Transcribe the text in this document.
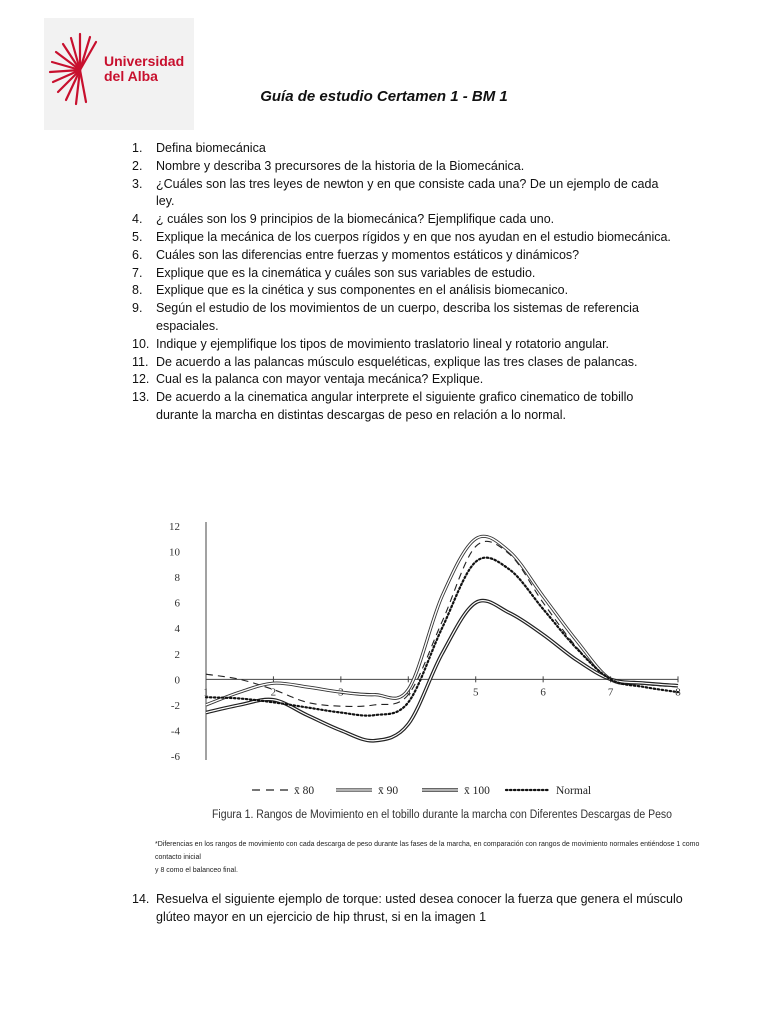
Universidad
del Alba
Guía de estudio Certamen 1 - BM 1
1. Defina biomecánica
2. Nombre y describa 3 precursores de la historia de la Biomecánica.
3. ¿Cuáles son las tres leyes de newton y en que consiste cada una? De un ejemplo de cada ley.
4. ¿ cuáles son los 9 principios de la biomecánica? Ejemplifique cada uno.
5. Explique la mecánica de los cuerpos rígidos y en que nos ayudan en el estudio biomecánica.
6. Cuáles son las diferencias entre fuerzas y momentos estáticos y dinámicos?
7. Explique que es la cinemática y cuáles son sus variables de estudio.
8. Explique que es la cinética y sus componentes en el análisis biomecanico.
9. Según el estudio de los movimientos de un cuerpo, describa los sistemas de referencia espaciales.
10. Indique y ejemplifique los tipos de movimiento traslatorio lineal y rotatorio angular.
11. De acuerdo a las palancas músculo esqueléticas, explique las tres clases de palancas.
12. Cual es la palanca con mayor ventaja mecánica? Explique.
13. De acuerdo a la cinematica angular interprete el siguiente grafico cinematico de tobillo durante la marcha en distintas descargas de peso en relación a lo normal.
12
10
8
6
4
2
0
-2
-4
-6
1	2	3	4	5	6	7	8
x̄ 80	x̄ 90	x̄ 100	Normal
Figura 1. Rangos de Movimiento en el tobillo durante la marcha con Diferentes Descargas de Peso
*Diferencias en los rangos de movimiento con cada descarga de peso durante las fases de la marcha, en comparación con rangos de movimiento normales entiéndose 1 como contacto inicial
y 8 como el balanceo final.
14. Resuelva el siguiente ejemplo de torque: usted desea conocer la fuerza que genera el músculo glúteo mayor en un ejercicio de hip thrust, si en la imagen 1
